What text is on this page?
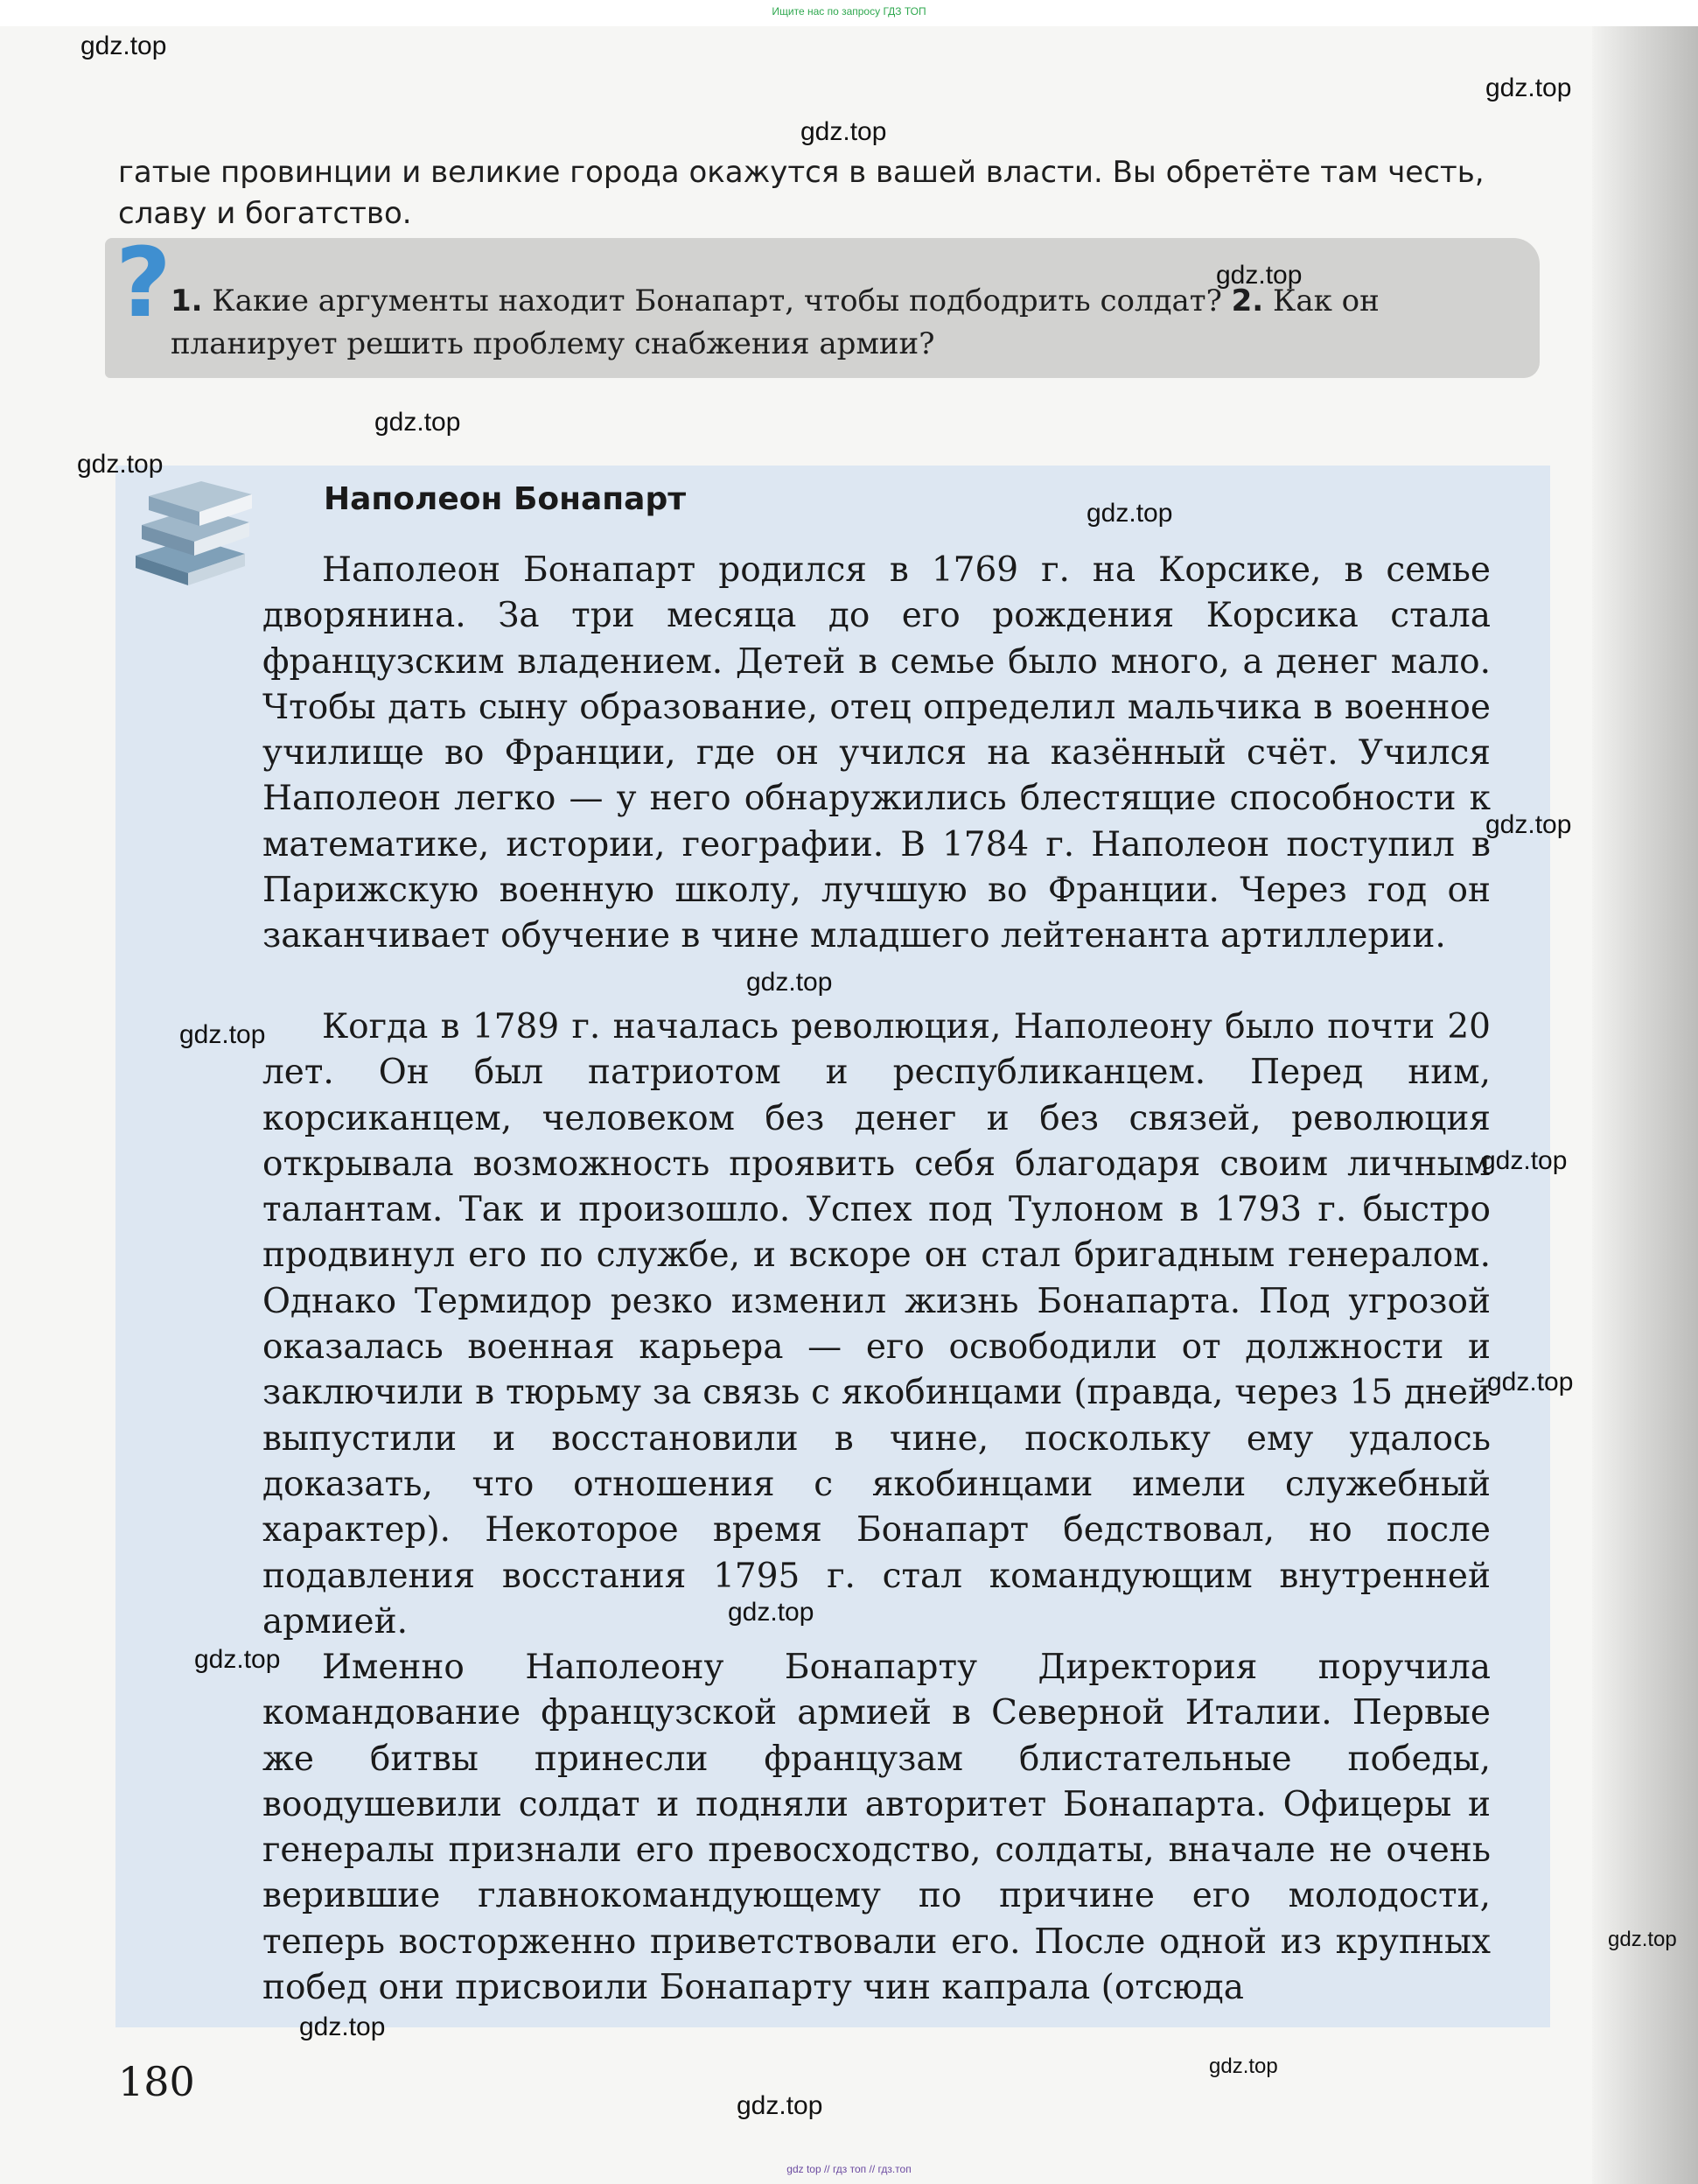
Ищите нас по запросу ГДЗ ТОП
гатые провинции и великие города окажутся в вашей власти. Вы обретёте там честь, славу и богатство.
? 1. Какие аргументы находит Бонапарт, чтобы подбодрить солдат? 2. Как он планирует решить проблему снабжения армии?
Наполеон Бонапарт

Наполеон Бонапарт родился в 1769 г. на Корсике, в семье дворянина. За три месяца до его рождения Корсика стала французским владением. Детей в семье было много, а денег мало. Чтобы дать сыну образование, отец определил мальчика в военное училище во Франции, где он учился на казённый счёт. Учился Наполеон легко — у него обнаружились блестящие способности к математике, истории, географии. В 1784 г. Наполеон поступил в Парижскую военную школу, лучшую во Франции. Через год он заканчивает обучение в чине младшего лейтенанта артиллерии.

Когда в 1789 г. началась революция, Наполеону было почти 20 лет. Он был патриотом и республиканцем. Перед ним, корсиканцем, человеком без денег и без связей, революция открывала возможность проявить себя благодаря своим личным талантам. Так и произошло. Успех под Тулоном в 1793 г. быстро продвинул его по службе, и вскоре он стал бригадным генералом. Однако Термидор резко изменил жизнь Бонапарта. Под угрозой оказалась военная карьера — его освободили от должности и заключили в тюрьму за связь с якобинцами (правда, через 15 дней выпустили и восстановили в чине, поскольку ему удалось доказать, что отношения с якобинцами имели служебный характер). Некоторое время Бонапарт бедствовал, но после подавления восстания 1795 г. стал командующим внутренней армией.

Именно Наполеону Бонапарту Директория поручила командование французской армией в Северной Италии. Первые же битвы принесли французам блистательные победы, воодушевили солдат и подняли авторитет Бонапарта. Офицеры и генералы признали его превосходство, солдаты, вначале не очень верившие главнокомандующему по причине его молодости, теперь восторженно приветствовали его. После одной из крупных побед они присвоили Бонапарту чин капрала (отсюда

180
gdz.top
gdz.top
gdz.top
gdz.top
gdz.top
gdz.top
gdz.top
gdz.top
gdz.top
gdz.top
gdz.top
gdz.top
gdz.top
gdz.top
gdz.top
gdz.top
gdz.top
gdz.top
gdz top // гдз топ // гдз.топ
